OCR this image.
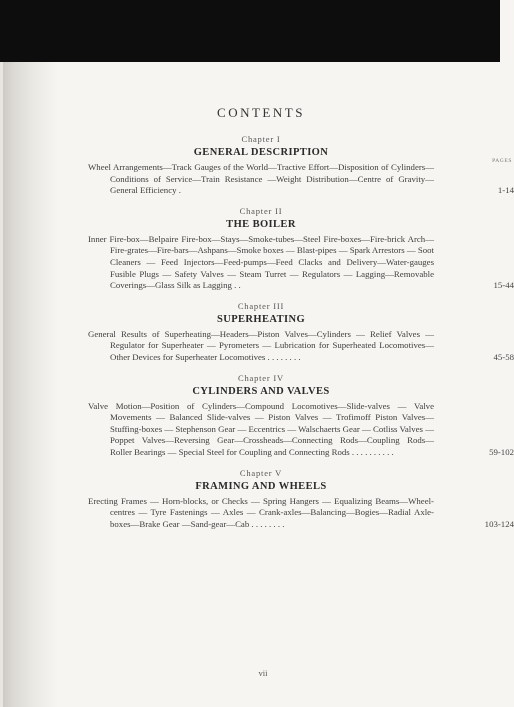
CONTENTS
Chapter I
GENERAL DESCRIPTION
PAGES
Wheel Arrangements—Track Gauges of the World—Tractive Effort—Disposition of Cylinders—Conditions of Service—Train Resistance —Weight Distribution—Centre of Gravity—General Efficiency .	1-14
Chapter II
THE BOILER
Inner Fire-box—Belpaire Fire-box—Stays—Smoke-tubes—Steel Fire-boxes—Fire-brick Arch—Fire-grates—Fire-bars—Ashpans—Smoke boxes — Blast-pipes — Spark Arrestors — Soot Cleaners — Feed Injectors—Feed-pumps—Feed Clacks and Delivery—Water-gauges Fusible Plugs — Safety Valves — Steam Turret — Regulators — Lagging—Removable Coverings—Glass Silk as Lagging . .	15-44
Chapter III
SUPERHEATING
General Results of Superheating—Headers—Piston Valves—Cylinders — Relief Valves — Regulator for Superheater — Pyrometers — Lubrication for Superheated Locomotives—Other Devices for Superheater Locomotives . . . . . . . .	45-58
Chapter IV
CYLINDERS AND VALVES
Valve Motion—Position of Cylinders—Compound Locomotives—Slide-valves — Valve Movements — Balanced Slide-valves — Piston Valves — Trofimoff Piston Valves— Stuffing-boxes — Stephenson Gear — Eccentrics — Walschaerts Gear — Cotliss Valves — Poppet Valves—Reversing Gear—Crossheads—Connecting Rods—Coupling Rods—Roller Bearings — Special Steel for Coupling and Connecting Rods . . . . . . . . . .	59-102
Chapter V
FRAMING AND WHEELS
Erecting Frames — Horn-blocks, or Checks — Spring Hangers — Equalizing Beams—Wheel-centres — Tyre Fastenings — Axles — Crank-axles—Balancing—Bogies—Radial Axle-boxes—Brake Gear —Sand-gear—Cab . . . . . . . .	103-124
vii
